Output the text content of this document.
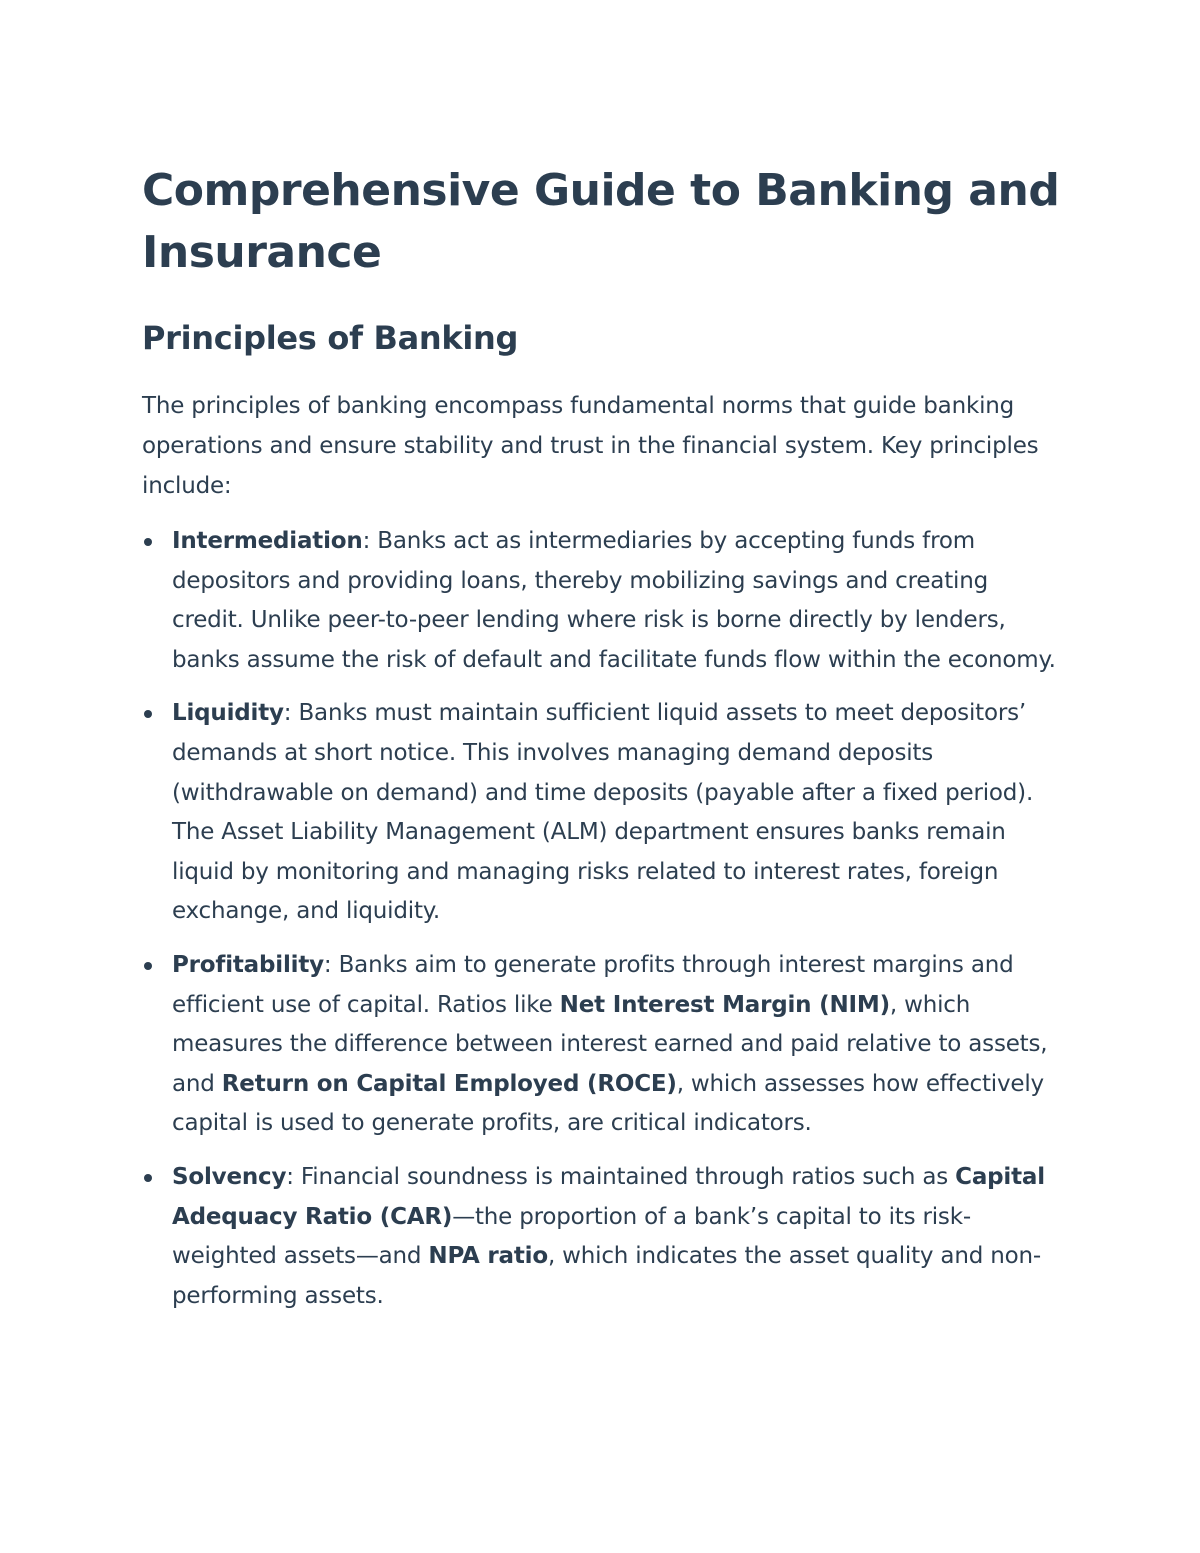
Comprehensive Guide to Banking and Insurance
Principles of Banking

The principles of banking encompass fundamental norms that guide banking operations and ensure stability and trust in the financial system. Key principles include:

Intermediation: Banks act as intermediaries by accepting funds from depositors and providing loans, thereby mobilizing savings and creating credit. Unlike peer-to-peer lending where risk is borne directly by lenders, banks assume the risk of default and facilitate funds flow within the economy.
Liquidity: Banks must maintain sufficient liquid assets to meet depositors’ demands at short notice. This involves managing demand deposits (withdrawable on demand) and time deposits (payable after a fixed period). The Asset Liability Management (ALM) department ensures banks remain liquid by monitoring and managing risks related to interest rates, foreign exchange, and liquidity.
Profitability: Banks aim to generate profits through interest margins and efficient use of capital. Ratios like Net Interest Margin (NIM), which measures the difference between interest earned and paid relative to assets, and Return on Capital Employed (ROCE), which assesses how effectively capital is used to generate profits, are critical indicators.
Solvency: Financial soundness is maintained through ratios such as Capital Adequacy Ratio (CAR)—the proportion of a bank’s capital to its risk-weighted assets—and NPA ratio, which indicates the asset quality and non-performing assets.
